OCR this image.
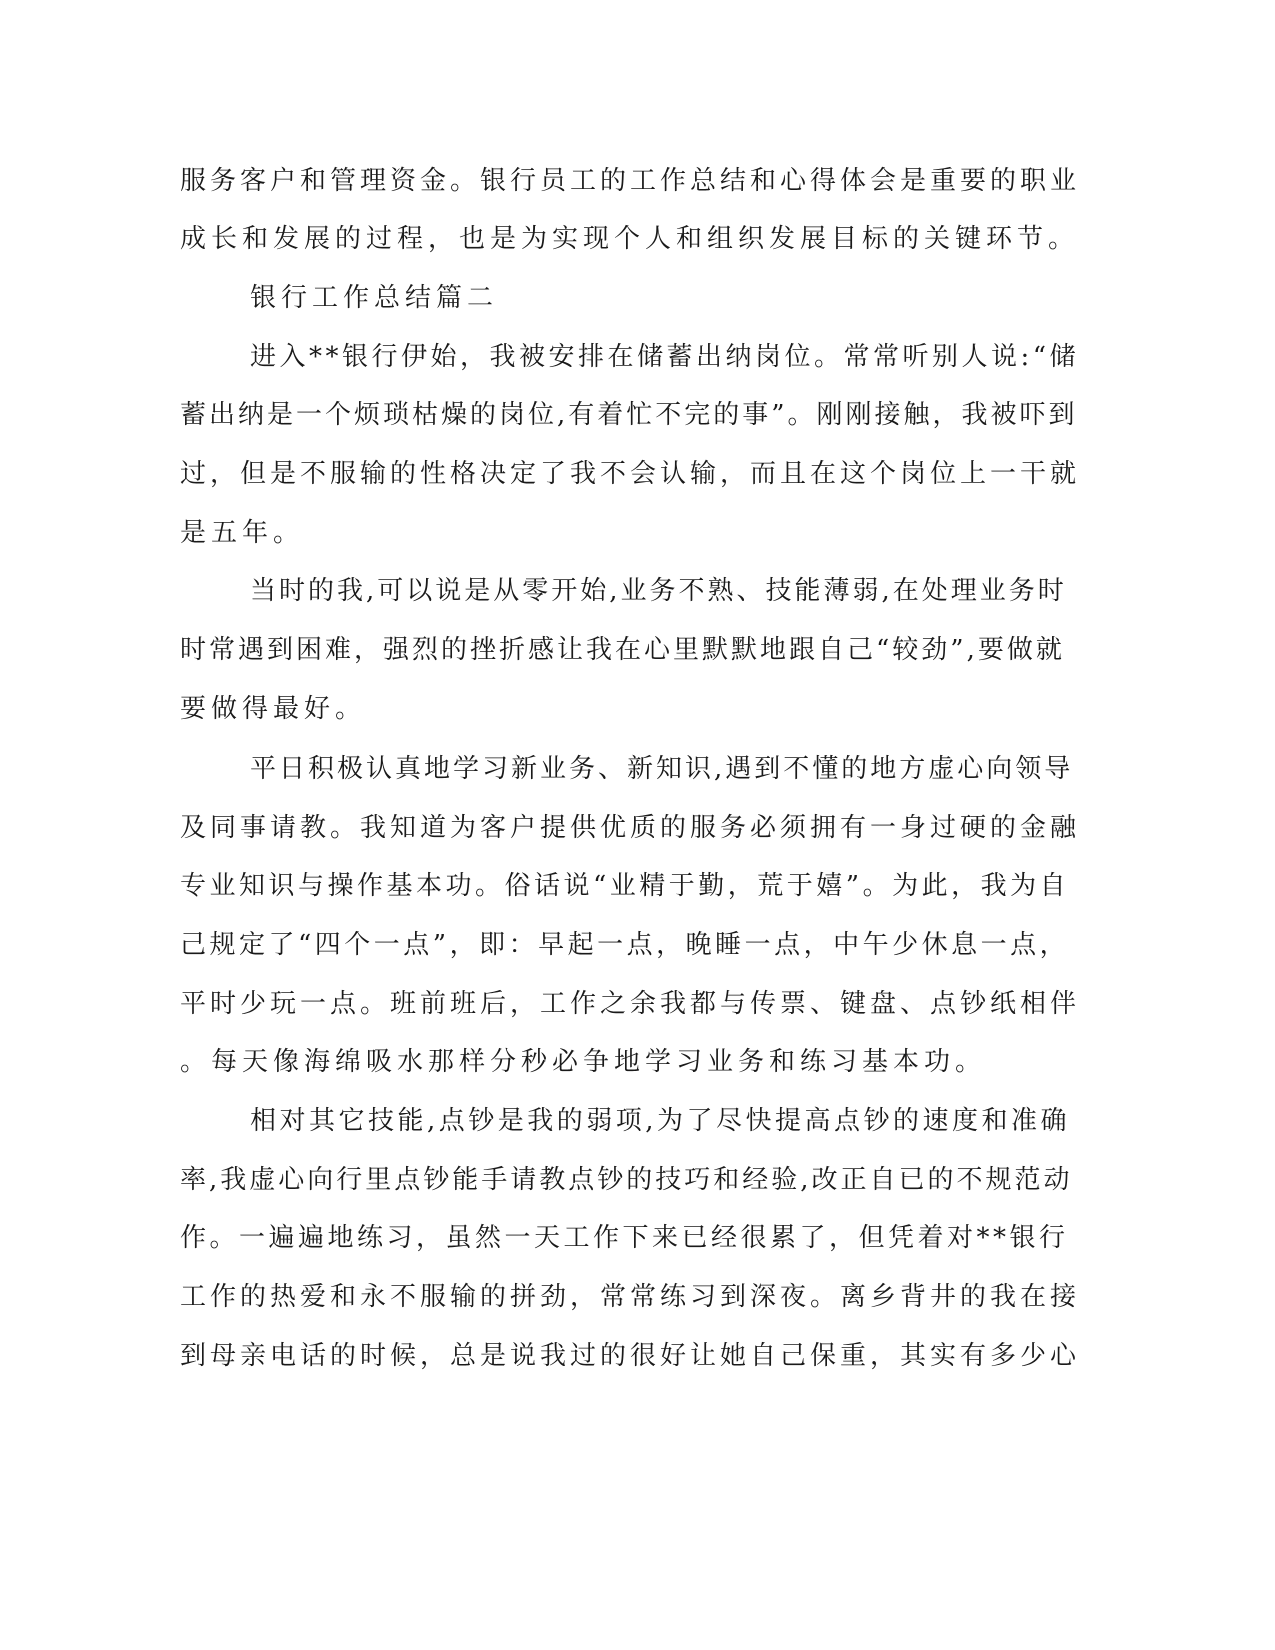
服务客户和管理资金。银行员工的工作总结和心得体会是重要的职业
成长和发展的过程，也是为实现个人和组织发展目标的关键环节。
银行工作总结篇二
进入**银行伊始，我被安排在储蓄出纳岗位。常常听别人说:“储
蓄出纳是一个烦琐枯燥的岗位,有着忙不完的事”。刚刚接触，我被吓到
过，但是不服输的性格决定了我不会认输，而且在这个岗位上一干就
是五年。
当时的我,可以说是从零开始,业务不熟、技能薄弱,在处理业务时
时常遇到困难，强烈的挫折感让我在心里默默地跟自己“较劲”,要做就
要做得最好。
平日积极认真地学习新业务、新知识,遇到不懂的地方虚心向领导
及同事请教。我知道为客户提供优质的服务必须拥有一身过硬的金融
专业知识与操作基本功。俗话说“业精于勤，荒于嬉”。为此，我为自
己规定了“四个一点”，即：早起一点，晚睡一点，中午少休息一点，
平时少玩一点。班前班后，工作之余我都与传票、键盘、点钞纸相伴
。每天像海绵吸水那样分秒必争地学习业务和练习基本功。
相对其它技能,点钞是我的弱项,为了尽快提高点钞的速度和准确
率,我虚心向行里点钞能手请教点钞的技巧和经验,改正自已的不规范动
作。一遍遍地练习，虽然一天工作下来已经很累了，但凭着对**银行
工作的热爱和永不服输的拼劲，常常练习到深夜。离乡背井的我在接
到母亲电话的时候，总是说我过的很好让她自己保重，其实有多少心
